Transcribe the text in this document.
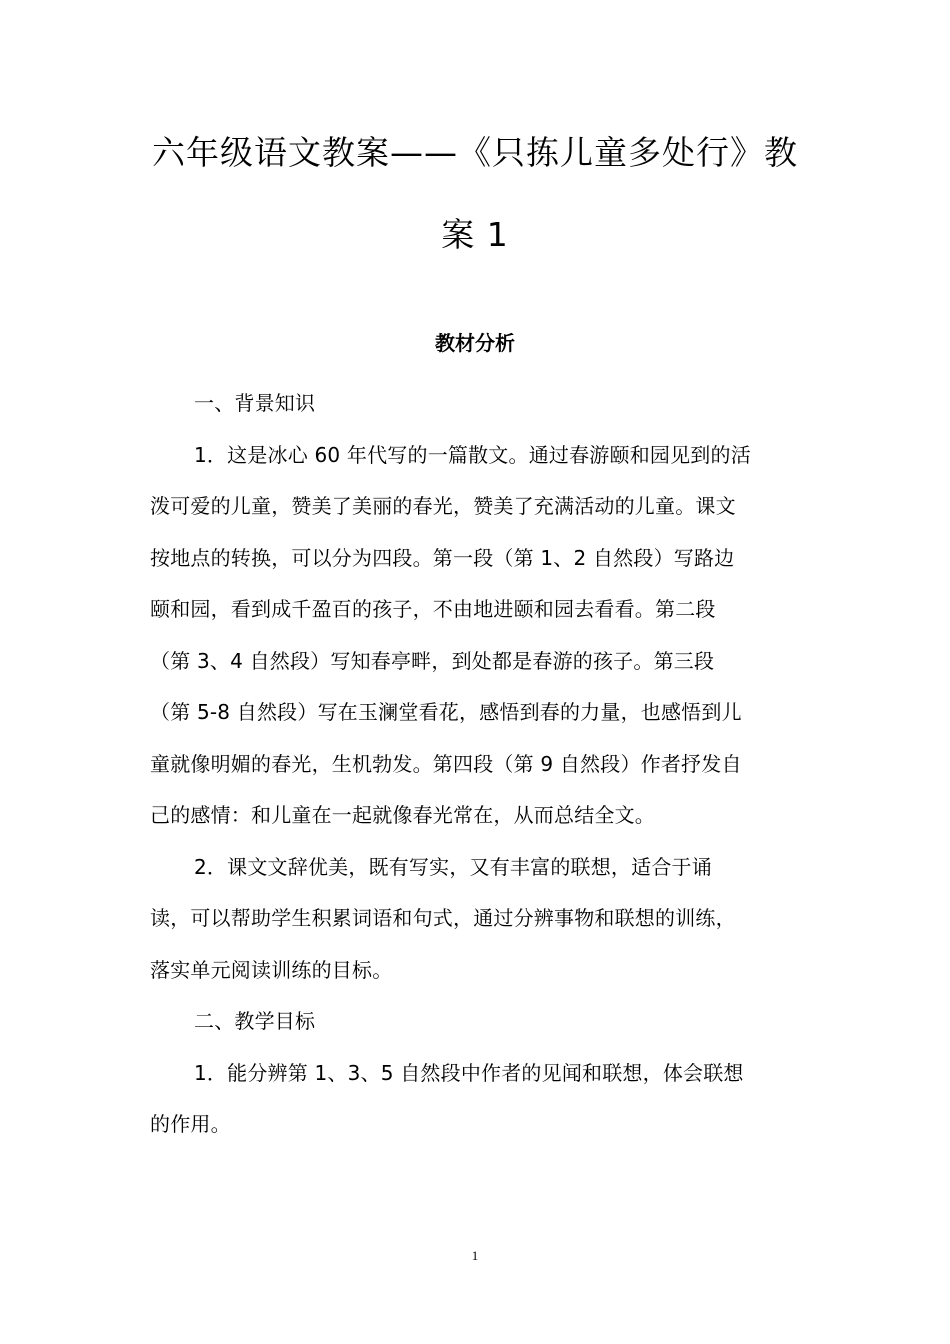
六年级语文教案——《只拣儿童多处行》教
案 1
教材分析
一、背景知识
1．这是冰心 60 年代写的一篇散文。通过春游颐和园见到的活
泼可爱的儿童，赞美了美丽的春光，赞美了充满活动的儿童。课文
按地点的转换，可以分为四段。第一段（第 1、2 自然段）写路边
颐和园，看到成千盈百的孩子，不由地进颐和园去看看。第二段
（第 3、4 自然段）写知春亭畔，到处都是春游的孩子。第三段
（第 5-8 自然段）写在玉澜堂看花，感悟到春的力量，也感悟到儿
童就像明媚的春光，生机勃发。第四段（第 9 自然段）作者抒发自
己的感情：和儿童在一起就像春光常在，从而总结全文。
2．课文文辞优美，既有写实，又有丰富的联想，适合于诵
读，可以帮助学生积累词语和句式，通过分辨事物和联想的训练，
落实单元阅读训练的目标。
二、教学目标
1．能分辨第 1、3、5 自然段中作者的见闻和联想，体会联想
的作用。
1
